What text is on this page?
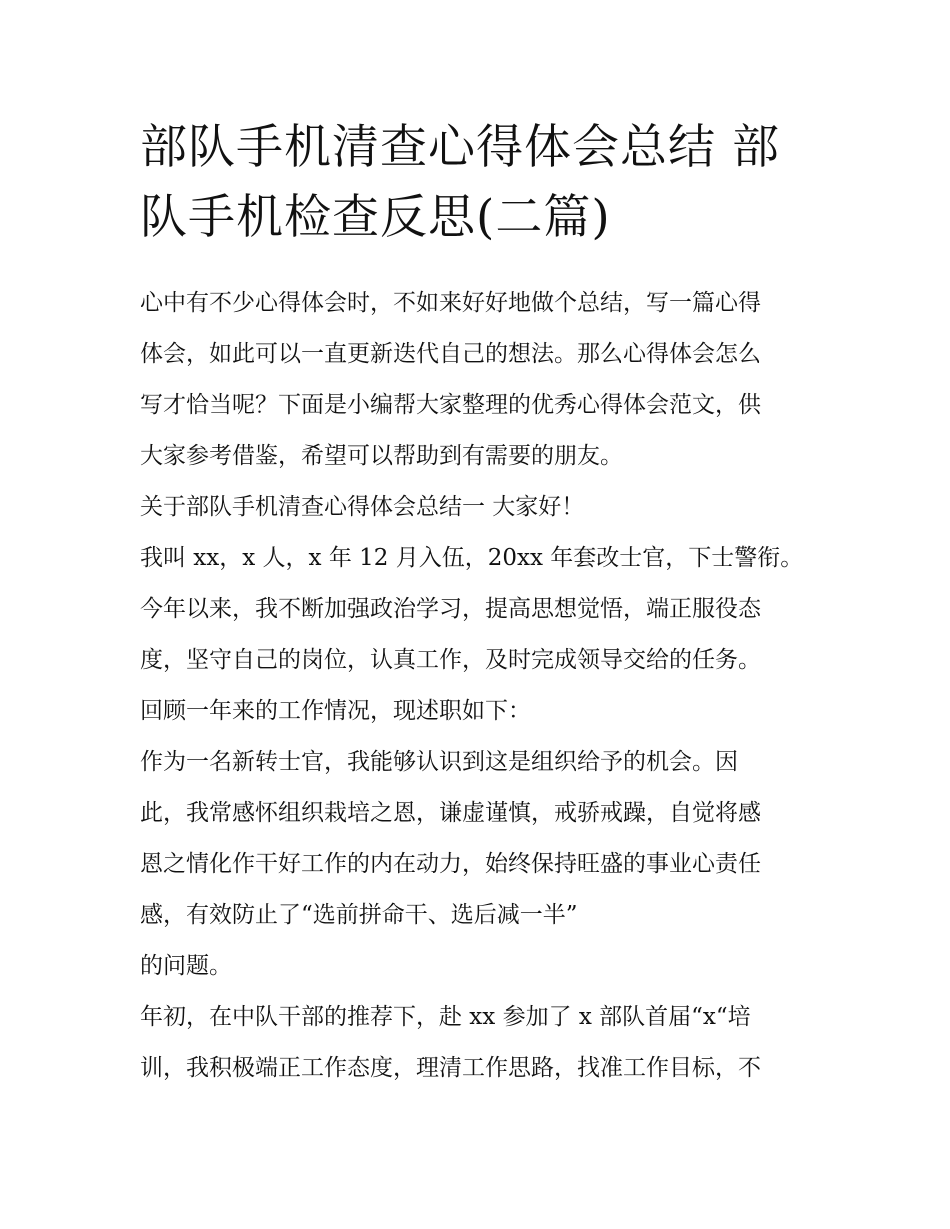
部队手机清查心得体会总结 部
队手机检查反思(二篇)
心中有不少心得体会时，不如来好好地做个总结，写一篇心得
体会，如此可以一直更新迭代自己的想法。那么心得体会怎么
写才恰当呢？下面是小编帮大家整理的优秀心得体会范文，供
大家参考借鉴，希望可以帮助到有需要的朋友。
关于部队手机清查心得体会总结一 大家好！
我叫 xx，x 人，x 年 12 月入伍，20xx 年套改士官，下士警衔。
今年以来，我不断加强政治学习，提高思想觉悟，端正服役态
度，坚守自己的岗位，认真工作，及时完成领导交给的任务。
回顾一年来的工作情况，现述职如下：
作为一名新转士官，我能够认识到这是组织给予的机会。因
此，我常感怀组织栽培之恩，谦虚谨慎，戒骄戒躁，自觉将感
恩之情化作干好工作的内在动力，始终保持旺盛的事业心责任
感，有效防止了“选前拼命干、选后减一半”
的问题。
年初，在中队干部的推荐下，赴 xx 参加了 x 部队首届“x“培
训，我积极端正工作态度，理清工作思路，找准工作目标，不
